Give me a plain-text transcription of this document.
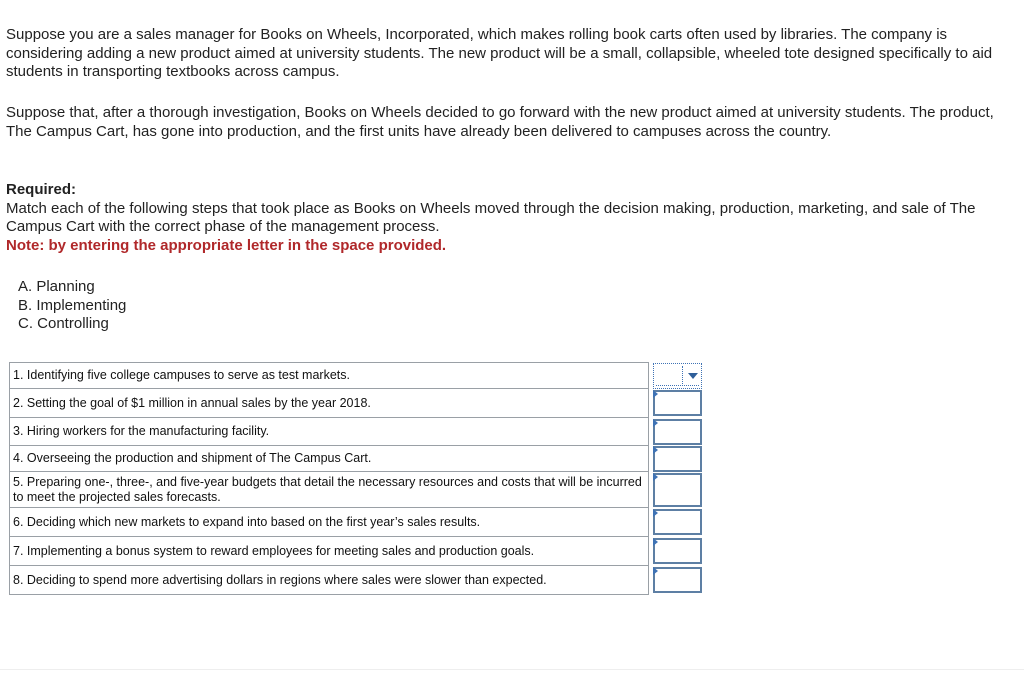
Suppose you are a sales manager for Books on Wheels, Incorporated, which makes rolling book carts often used by libraries. The company is considering adding a new product aimed at university students. The new product will be a small, collapsible, wheeled tote designed specifically to aid students in transporting textbooks across campus.

Suppose that, after a thorough investigation, Books on Wheels decided to go forward with the new product aimed at university students. The product, The Campus Cart, has gone into production, and the first units have already been delivered to campuses across the country.

Required:
Match each of the following steps that took place as Books on Wheels moved through the decision making, production, marketing, and sale of The Campus Cart with the correct phase of the management process.
Note: by entering the appropriate letter in the space provided.
A. Planning
B. Implementing
C. Controlling
1. Identifying five college campuses to serve as test markets.	

2. Setting the goal of $1 million in annual sales by the year 2018.	

3. Hiring workers for the manufacturing facility.	

4. Overseeing the production and shipment of The Campus Cart.	

5. Preparing one-, three-, and five-year budgets that detail the necessary resources and costs that will be incurred to meet the projected sales forecasts.	

6. Deciding which new markets to expand into based on the first year’s sales results.	

7. Implementing a bonus system to reward employees for meeting sales and production goals.	

8. Deciding to spend more advertising dollars in regions where sales were slower than expected.	
